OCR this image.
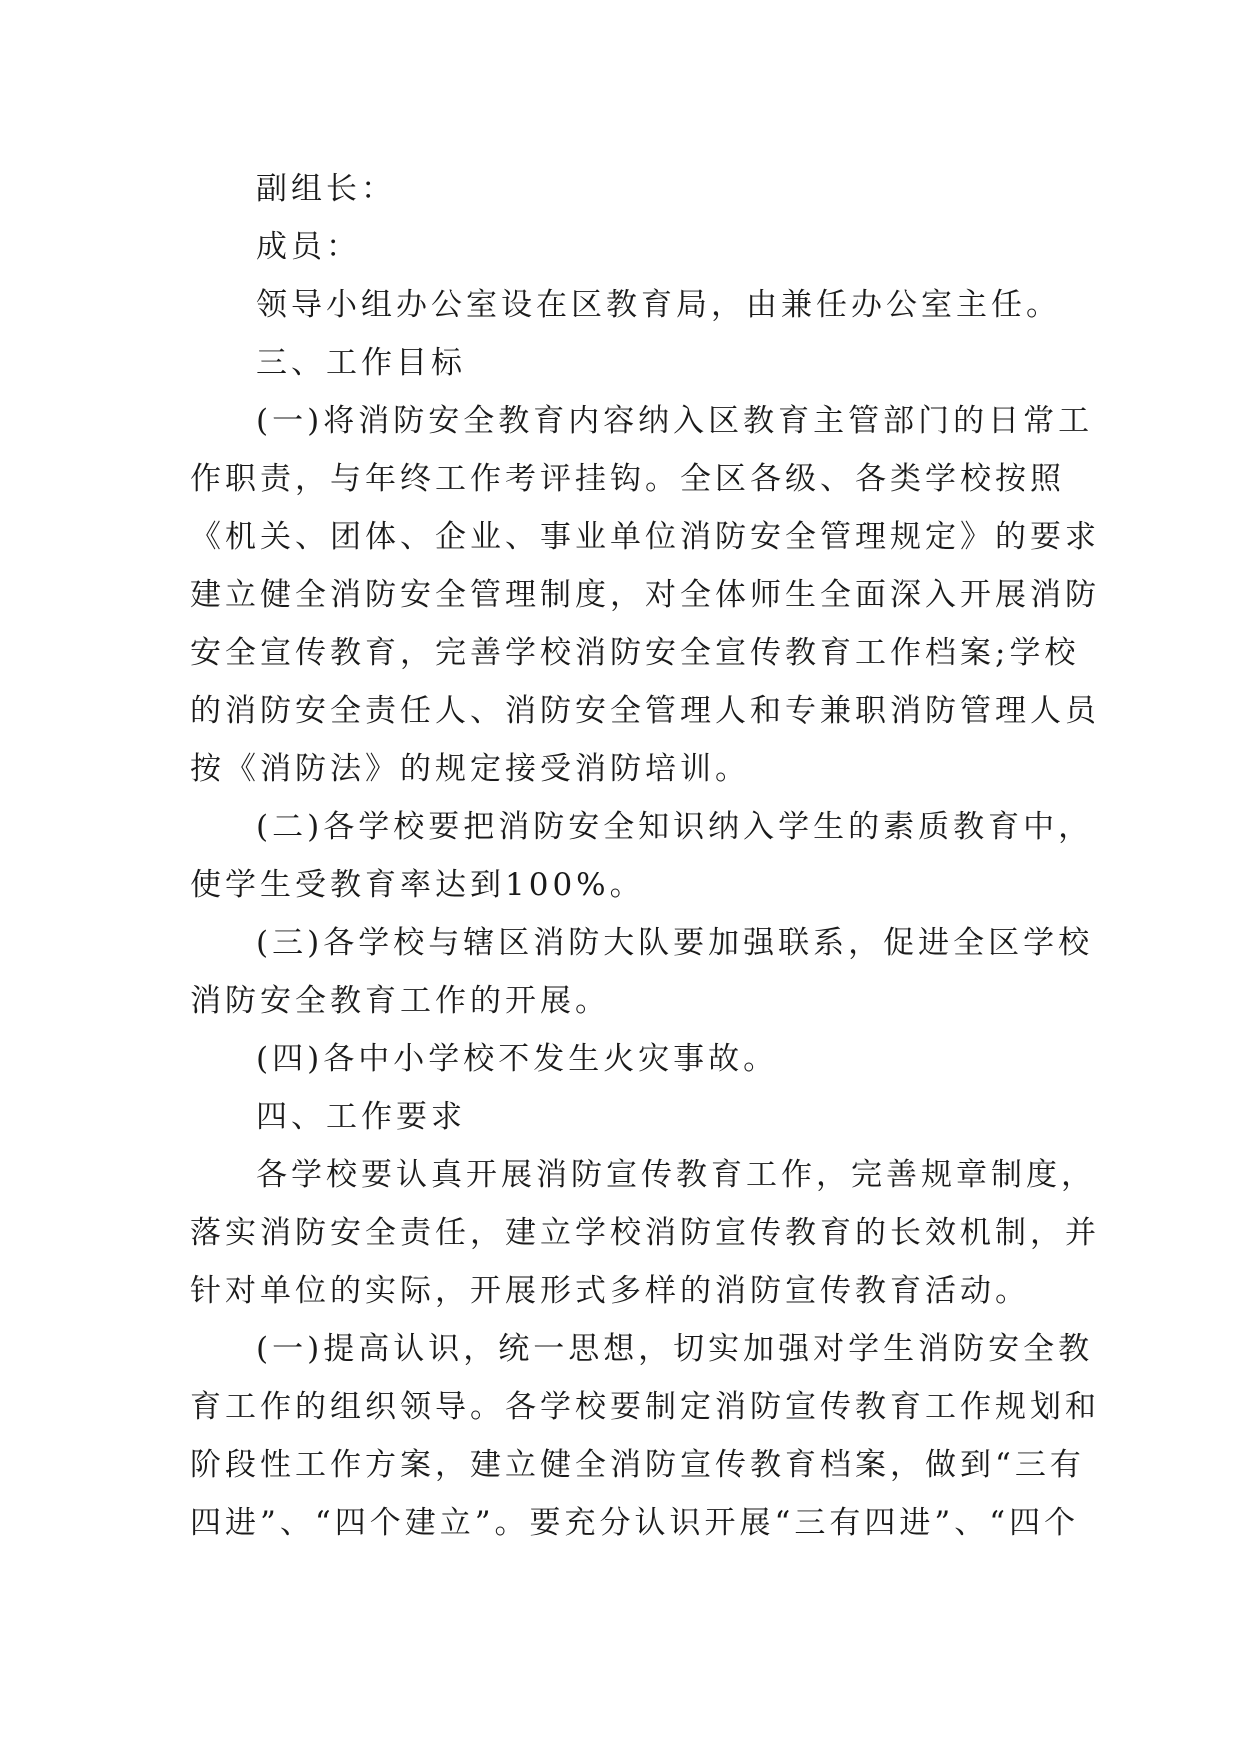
副组长：
成员：
领导小组办公室设在区教育局，由兼任办公室主任。
三、工作目标
(一)将消防安全教育内容纳入区教育主管部门的日常工
作职责，与年终工作考评挂钩。全区各级、各类学校按照
《机关、团体、企业、事业单位消防安全管理规定》的要求
建立健全消防安全管理制度，对全体师生全面深入开展消防
安全宣传教育，完善学校消防安全宣传教育工作档案;学校
的消防安全责任人、消防安全管理人和专兼职消防管理人员
按《消防法》的规定接受消防培训。
(二)各学校要把消防安全知识纳入学生的素质教育中，
使学生受教育率达到100%。
(三)各学校与辖区消防大队要加强联系，促进全区学校
消防安全教育工作的开展。
(四)各中小学校不发生火灾事故。
四、工作要求
各学校要认真开展消防宣传教育工作，完善规章制度，
落实消防安全责任，建立学校消防宣传教育的长效机制，并
针对单位的实际，开展形式多样的消防宣传教育活动。
(一)提高认识，统一思想，切实加强对学生消防安全教
育工作的组织领导。各学校要制定消防宣传教育工作规划和
阶段性工作方案，建立健全消防宣传教育档案，做到“三有
四进”、“四个建立”。要充分认识开展“三有四进”、“四个
